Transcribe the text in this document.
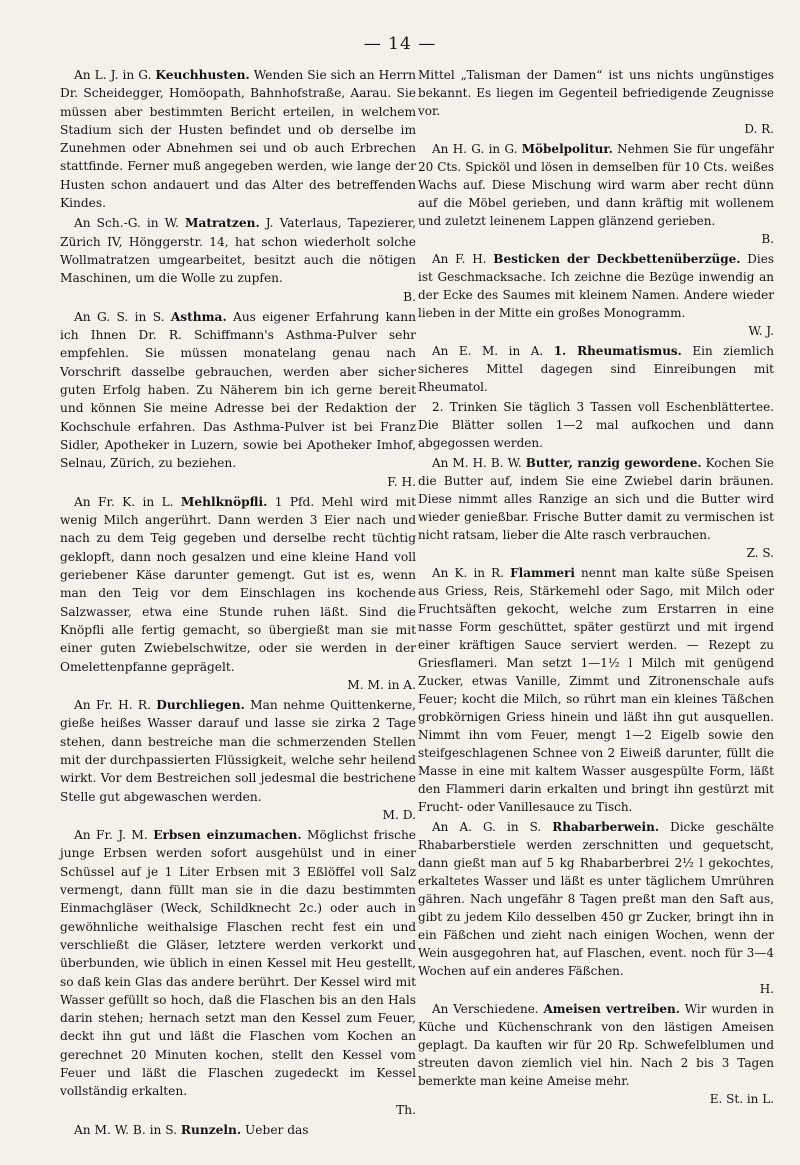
— 14 —

An L. J. in G. Keuchhusten. Wenden Sie sich an Herrn Dr. Scheidegger, Homöopath, Bahnhofstraße, Aarau. Sie müssen aber bestimmten Bericht erteilen, in welchem Stadium sich der Husten befindet und ob derselbe im Zunehmen oder Abnehmen sei und ob auch Erbrechen stattfinde. Ferner muß angegeben werden, wie lange der Husten schon andauert und das Alter des betreffenden Kindes.

An Sch.-G. in W. Matratzen. J. Vaterlaus, Tapezierer, Zürich IV, Hönggerstr. 14, hat schon wiederholt solche Wollmatratzen umgearbeitet, besitzt auch die nötigen Maschinen, um die Wolle zu zupfen.

B.

An G. S. in S. Asthma. Aus eigener Erfahrung kann ich Ihnen Dr. R. Schiffmann's Asthma-Pulver sehr empfehlen. Sie müssen monatelang genau nach Vorschrift dasselbe gebrauchen, werden aber sicher guten Erfolg haben. Zu Näherem bin ich gerne bereit und können Sie meine Adresse bei der Redaktion der Kochschule erfahren. Das Asthma-Pulver ist bei Franz Sidler, Apotheker in Luzern, sowie bei Apotheker Imhof, Selnau, Zürich, zu beziehen.

F. H.

An Fr. K. in L. Mehlknöpfli. 1 Pfd. Mehl wird mit wenig Milch angerührt. Dann werden 3 Eier nach und nach zu dem Teig gegeben und derselbe recht tüchtig geklopft, dann noch gesalzen und eine kleine Hand voll geriebener Käse darunter gemengt. Gut ist es, wenn man den Teig vor dem Einschlagen ins kochende Salzwasser, etwa eine Stunde ruhen läßt. Sind die Knöpfli alle fertig gemacht, so übergießt man sie mit einer guten Zwiebelschwitze, oder sie werden in der Omelettenpfanne geprägelt.

M. M. in A.

An Fr. H. R. Durchliegen. Man nehme Quittenkerne, gieße heißes Wasser darauf und lasse sie zirka 2 Tage stehen, dann bestreiche man die schmerzenden Stellen mit der durchpassierten Flüssigkeit, welche sehr heilend wirkt. Vor dem Bestreichen soll jedesmal die bestrichene Stelle gut abgewaschen werden.

M. D.

An Fr. J. M. Erbsen einzumachen. Möglichst frische junge Erbsen werden sofort ausgehülst und in einer Schüssel auf je 1 Liter Erbsen mit 3 Eßlöffel voll Salz vermengt, dann füllt man sie in die dazu bestimmten Einmachgläser (Weck, Schildknecht 2c.) oder auch in gewöhnliche weithalsige Flaschen recht fest ein und verschließt die Gläser, letztere werden verkorkt und überbunden, wie üblich in einen Kessel mit Heu gestellt, so daß kein Glas das andere berührt. Der Kessel wird mit Wasser gefüllt so hoch, daß die Flaschen bis an den Hals darin stehen; hernach setzt man den Kessel zum Feuer, deckt ihn gut und läßt die Flaschen vom Kochen an gerechnet 20 Minuten kochen, stellt den Kessel vom Feuer und läßt die Flaschen zugedeckt im Kessel vollständig erkalten.

Th.

An M. W. B. in S. Runzeln. Ueber das

Mittel „Talisman der Damen“ ist uns nichts ungünstiges bekannt. Es liegen im Gegenteil befriedigende Zeugnisse vor.

D. R.

An H. G. in G. Möbelpolitur. Nehmen Sie für ungefähr 20 Cts. Spicköl und lösen in demselben für 10 Cts. weißes Wachs auf. Diese Mischung wird warm aber recht dünn auf die Möbel gerieben, und dann kräftig mit wollenem und zuletzt leinenem Lappen glänzend gerieben.

B.

An F. H. Besticken der Deckbettenüberzüge. Dies ist Geschmacksache. Ich zeichne die Bezüge inwendig an der Ecke des Saumes mit kleinem Namen. Andere wieder lieben in der Mitte ein großes Monogramm.

W. J.

An E. M. in A. 1. Rheumatismus. Ein ziemlich sicheres Mittel dagegen sind Einreibungen mit Rheumatol.

2. Trinken Sie täglich 3 Tassen voll Eschenblättertee. Die Blätter sollen 1—2 mal aufkochen und dann abgegossen werden.

An M. H. B. W. Butter, ranzig gewordene. Kochen Sie die Butter auf, indem Sie eine Zwiebel darin bräunen. Diese nimmt alles Ranzige an sich und die Butter wird wieder genießbar. Frische Butter damit zu vermischen ist nicht ratsam, lieber die Alte rasch verbrauchen.

Z. S.

An K. in R. Flammeri nennt man kalte süße Speisen aus Griess, Reis, Stärkemehl oder Sago, mit Milch oder Fruchtsäften gekocht, welche zum Erstarren in eine nasse Form geschüttet, später gestürzt und mit irgend einer kräftigen Sauce serviert werden. — Rezept zu Griesflameri. Man setzt 1—1½ l Milch mit genügend Zucker, etwas Vanille, Zimmt und Zitronenschale aufs Feuer; kocht die Milch, so rührt man ein kleines Täßchen grobkörnigen Griess hinein und läßt ihn gut ausquellen. Nimmt ihn vom Feuer, mengt 1—2 Eigelb sowie den steifgeschlagenen Schnee von 2 Eiweiß darunter, füllt die Masse in eine mit kaltem Wasser ausgespülte Form, läßt den Flammeri darin erkalten und bringt ihn gestürzt mit Frucht- oder Vanillesauce zu Tisch.

An A. G. in S. Rhabarberwein. Dicke geschälte Rhabarberstiele werden zerschnitten und gequetscht, dann gießt man auf 5 kg Rhabarberbrei 2½ l gekochtes, erkaltetes Wasser und läßt es unter täglichem Umrühren gähren. Nach ungefähr 8 Tagen preßt man den Saft aus, gibt zu jedem Kilo desselben 450 gr Zucker, bringt ihn in ein Fäßchen und zieht nach einigen Wochen, wenn der Wein ausgegohren hat, auf Flaschen, event. noch für 3—4 Wochen auf ein anderes Fäßchen.

H.

An Verschiedene. Ameisen vertreiben. Wir wurden in Küche und Küchenschrank von den lästigen Ameisen geplagt. Da kauften wir für 20 Rp. Schwefelblumen und streuten davon ziemlich viel hin. Nach 2 bis 3 Tagen bemerkte man keine Ameise mehr.

E. St. in L.
